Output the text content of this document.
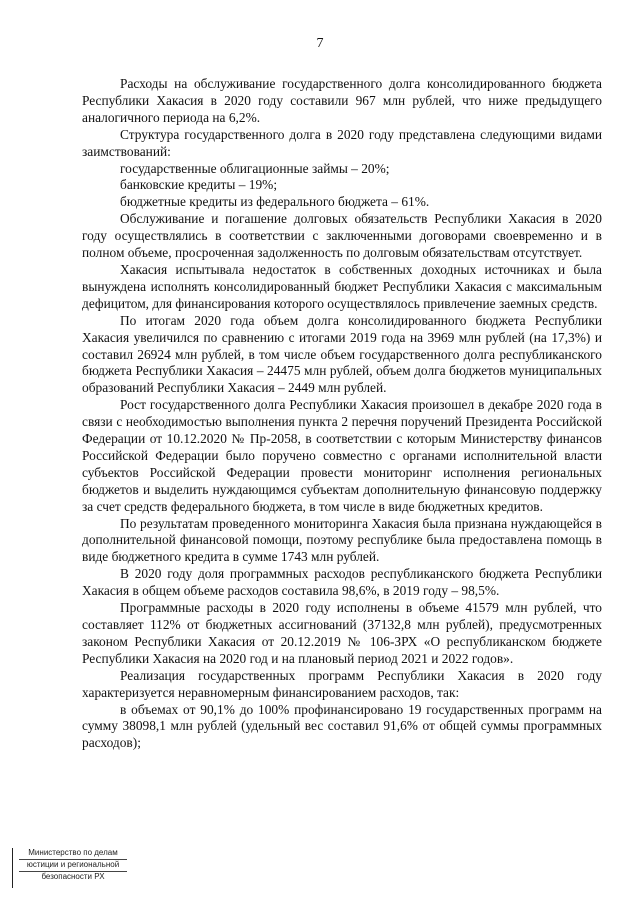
7

Расходы на обслуживание государственного долга консолидированного бюджета Республики Хакасия в 2020 году составили 967 млн рублей, что ниже предыдущего аналогичного периода на 6,2%.

Структура государственного долга в 2020 году представлена следующими видами заимствований:

государственные облигационные займы – 20%;

банковские кредиты – 19%;

бюджетные кредиты из федерального бюджета – 61%.

Обслуживание и погашение долговых обязательств Республики Хакасия в 2020 году осуществлялись в соответствии с заключенными договорами своевременно и в полном объеме, просроченная задолженность по долговым обязательствам отсутствует.

Хакасия испытывала недостаток в собственных доходных источниках и была вынуждена исполнять консолидированный бюджет Республики Хакасия с максимальным дефицитом, для финансирования которого осуществлялось привлечение заемных средств.

По итогам 2020 года объем долга консолидированного бюджета Республики Хакасия увеличился по сравнению с итогами 2019 года на 3969 млн рублей (на 17,3%) и составил 26924 млн рублей, в том числе объем государственного долга республиканского бюджета Республики Хакасия – 24475 млн рублей, объем долга бюджетов муниципальных образований Республики Хакасия – 2449 млн рублей.

Рост государственного долга Республики Хакасия произошел в декабре 2020 года в связи с необходимостью выполнения пункта 2 перечня поручений Президента Российской Федерации от 10.12.2020 № Пр-2058, в соответствии с которым Министерству финансов Российской Федерации было поручено совместно с органами исполнительной власти субъектов Российской Федерации провести мониторинг исполнения региональных бюджетов и выделить нуждающимся субъектам дополнительную финансовую поддержку за счет средств федерального бюджета, в том числе в виде бюджетных кредитов.

По результатам проведенного мониторинга Хакасия была признана нуждающейся в дополнительной финансовой помощи, поэтому республике была предоставлена помощь в виде бюджетного кредита в сумме 1743 млн рублей.

В 2020 году доля программных расходов республиканского бюджета Республики Хакасия в общем объеме расходов составила 98,6%, в 2019 году – 98,5%.

Программные расходы в 2020 году исполнены в объеме 41579 млн рублей, что составляет 112% от бюджетных ассигнований (37132,8 млн рублей), предусмотренных законом Республики Хакасия от 20.12.2019 № 106-ЗРХ «О республиканском бюджете Республики Хакасия на 2020 год и на плановый период 2021 и 2022 годов».

Реализация государственных программ Республики Хакасия в 2020 году характеризуется неравномерным финансированием расходов, так:

в объемах от 90,1% до 100% профинансировано 19 государственных программ на сумму 38098,1 млн рублей (удельный вес составил 91,6% от общей суммы программных расходов);

Министерство по делам
юстиции и региональной
безопасности РХ
